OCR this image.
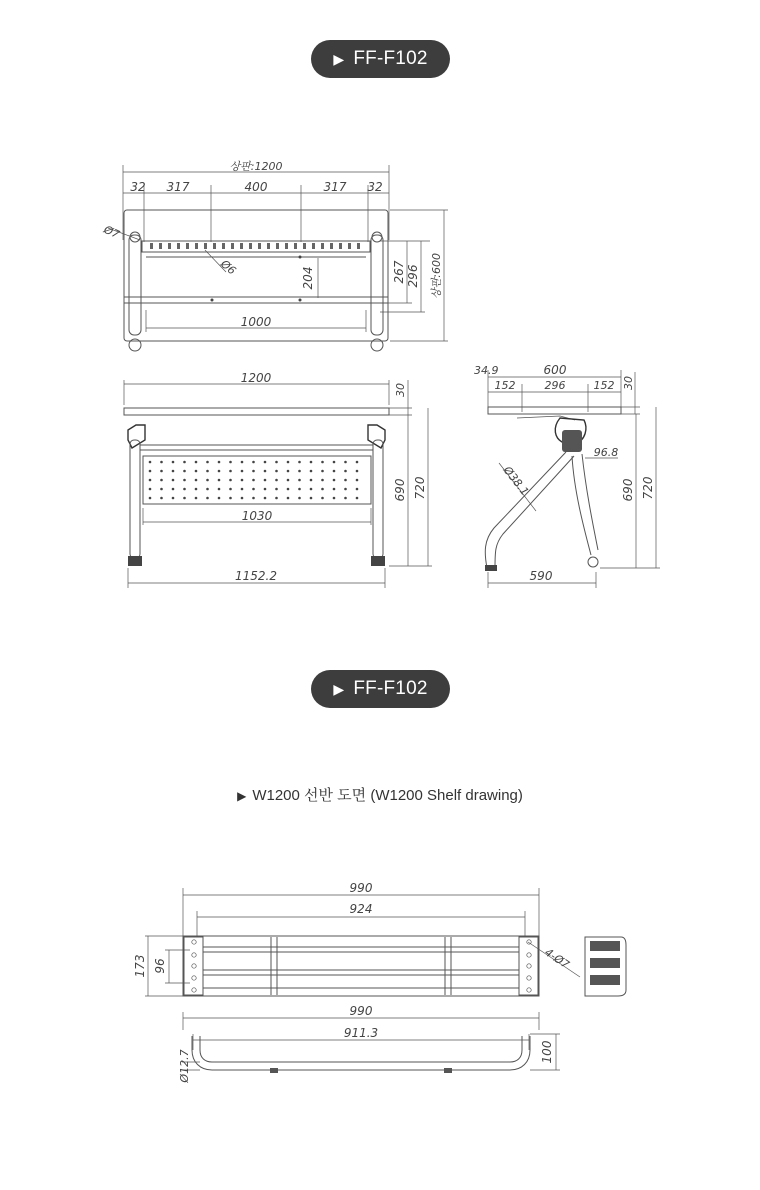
▶ FF-F102
상판:1200
32 317	400	317 32
Ø7
Ø6	204	267 296 상판:600
1000
1200
30
1030
1152.2
690 720
34.9	600
152	296	152 30
Ø38.1
96.8
690 720
590
990
924
173 96	4-Ø7
990
911.3
Ø12.7	100
▶ FF-F102
▶ W1200 선반 도면 (W1200 Shelf drawing)
